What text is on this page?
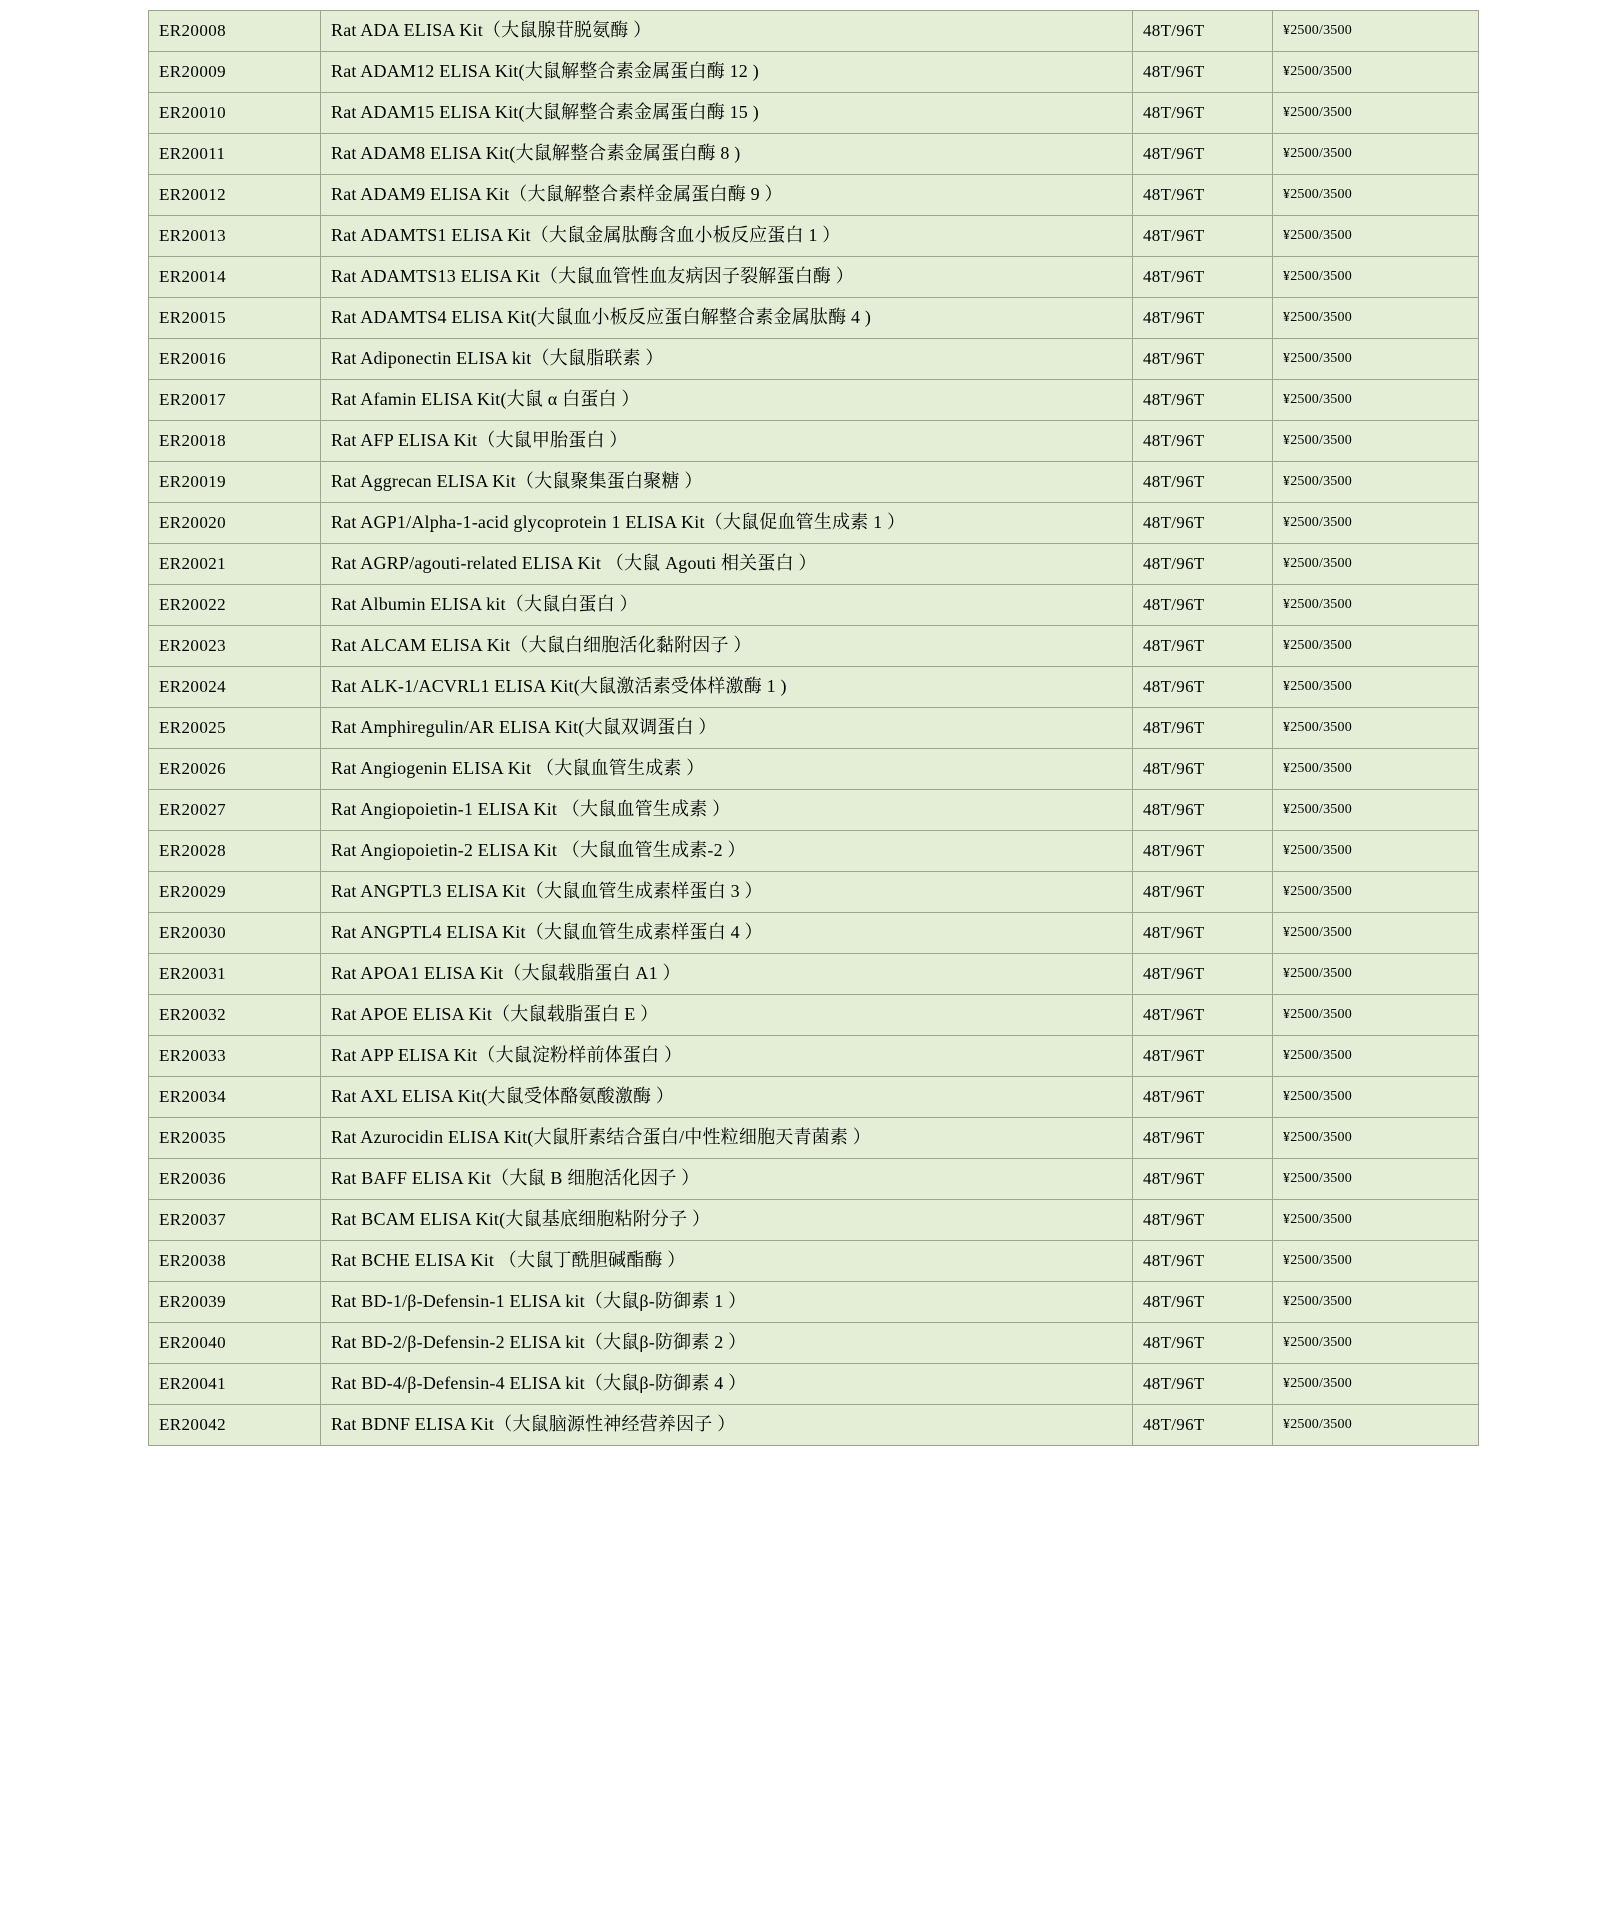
ER20008	Rat ADA ELISA Kit（大鼠腺苷脱氨酶 ）	48T/96T	¥2500/3500
ER20009	Rat ADAM12 ELISA Kit(大鼠解整合素金属蛋白酶 12 )	48T/96T	¥2500/3500
ER20010	Rat ADAM15 ELISA Kit(大鼠解整合素金属蛋白酶 15 )	48T/96T	¥2500/3500
ER20011	Rat ADAM8 ELISA Kit(大鼠解整合素金属蛋白酶 8 )	48T/96T	¥2500/3500
ER20012	Rat ADAM9 ELISA Kit（大鼠解整合素样金属蛋白酶 9 ）	48T/96T	¥2500/3500
ER20013	Rat ADAMTS1 ELISA Kit（大鼠金属肽酶含血小板反应蛋白 1 ）	48T/96T	¥2500/3500
ER20014	Rat ADAMTS13 ELISA Kit（大鼠血管性血友病因子裂解蛋白酶 ）	48T/96T	¥2500/3500
ER20015	Rat ADAMTS4 ELISA Kit(大鼠血小板反应蛋白解整合素金属肽酶 4 )	48T/96T	¥2500/3500
ER20016	Rat Adiponectin ELISA kit（大鼠脂联素 ）	48T/96T	¥2500/3500
ER20017	Rat Afamin ELISA Kit(大鼠 α 白蛋白 ）	48T/96T	¥2500/3500
ER20018	Rat AFP ELISA Kit（大鼠甲胎蛋白 ）	48T/96T	¥2500/3500
ER20019	Rat Aggrecan ELISA Kit（大鼠聚集蛋白聚糖 ）	48T/96T	¥2500/3500
ER20020	Rat AGP1/Alpha-1-acid glycoprotein 1 ELISA Kit（大鼠促血管生成素 1 ）	48T/96T	¥2500/3500
ER20021	Rat AGRP/agouti-related ELISA Kit （大鼠 Agouti 相关蛋白 ）	48T/96T	¥2500/3500
ER20022	Rat Albumin ELISA kit（大鼠白蛋白 ）	48T/96T	¥2500/3500
ER20023	Rat ALCAM ELISA Kit（大鼠白细胞活化黏附因子 ）	48T/96T	¥2500/3500
ER20024	Rat ALK-1/ACVRL1 ELISA Kit(大鼠激活素受体样激酶 1 )	48T/96T	¥2500/3500
ER20025	Rat Amphiregulin/AR ELISA Kit(大鼠双调蛋白 ）	48T/96T	¥2500/3500
ER20026	Rat Angiogenin ELISA Kit （大鼠血管生成素 ）	48T/96T	¥2500/3500
ER20027	Rat Angiopoietin-1 ELISA Kit （大鼠血管生成素 ）	48T/96T	¥2500/3500
ER20028	Rat Angiopoietin-2 ELISA Kit （大鼠血管生成素-2 ）	48T/96T	¥2500/3500
ER20029	Rat ANGPTL3 ELISA Kit（大鼠血管生成素样蛋白 3 ）	48T/96T	¥2500/3500
ER20030	Rat ANGPTL4 ELISA Kit（大鼠血管生成素样蛋白 4 ）	48T/96T	¥2500/3500
ER20031	Rat APOA1 ELISA Kit（大鼠载脂蛋白 A1 ）	48T/96T	¥2500/3500
ER20032	Rat APOE ELISA Kit（大鼠载脂蛋白 E ）	48T/96T	¥2500/3500
ER20033	Rat APP ELISA Kit（大鼠淀粉样前体蛋白 ）	48T/96T	¥2500/3500
ER20034	Rat AXL ELISA Kit(大鼠受体酪氨酸激酶 ）	48T/96T	¥2500/3500
ER20035	Rat Azurocidin ELISA Kit(大鼠肝素结合蛋白/中性粒细胞天青菌素 ）	48T/96T	¥2500/3500
ER20036	Rat BAFF ELISA Kit（大鼠 B 细胞活化因子 ）	48T/96T	¥2500/3500
ER20037	Rat BCAM ELISA Kit(大鼠基底细胞粘附分子 ）	48T/96T	¥2500/3500
ER20038	Rat BCHE ELISA Kit （大鼠丁酰胆碱酯酶 ）	48T/96T	¥2500/3500
ER20039	Rat BD-1/β-Defensin-1 ELISA kit（大鼠β-防御素 1 ）	48T/96T	¥2500/3500
ER20040	Rat BD-2/β-Defensin-2 ELISA kit（大鼠β-防御素 2 ）	48T/96T	¥2500/3500
ER20041	Rat BD-4/β-Defensin-4 ELISA kit（大鼠β-防御素 4 ）	48T/96T	¥2500/3500
ER20042	Rat BDNF ELISA Kit（大鼠脑源性神经营养因子 ）	48T/96T	¥2500/3500
